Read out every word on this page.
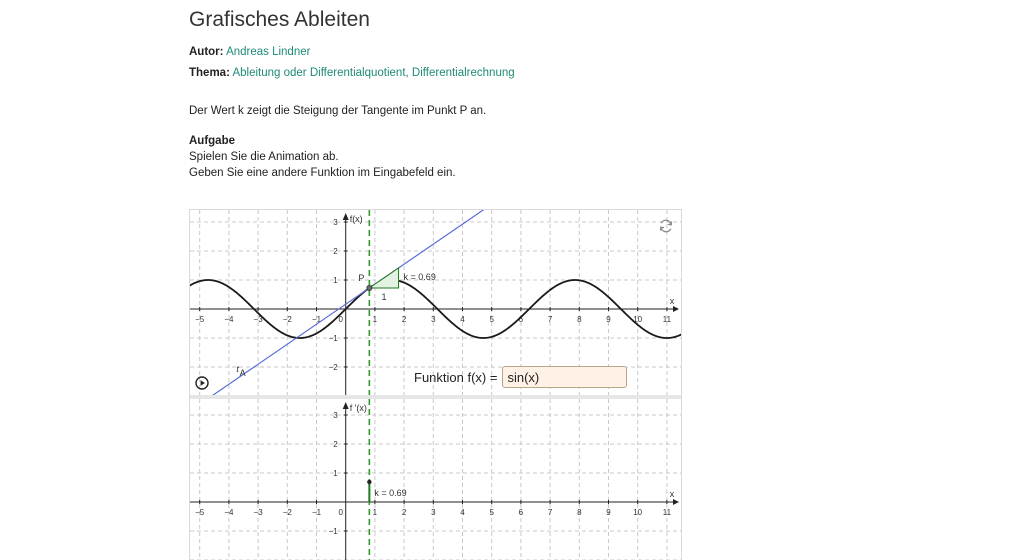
Grafisches Ableiten
Autor: Andreas Lindner
Thema: Ableitung oder Differentialquotient, Differentialrechnung
Der Wert k zeigt die Steigung der Tangente im Punkt P an.
Aufgabe
Spielen Sie die Animation ab.
Geben Sie eine andere Funktion im Eingabefeld ein.
−5	−4	−3	−2	−1 0	1	2	3	4	5	6	7	8	9	10	11
3
2
1
−1
−2
x
f(x)
P	k = 0.69
1
t A
−5	−4	−3	−2	−1 0	1	2	3	4	5	6	7	8	9	10	11
3
2
1
−1
x
f '(x)
k = 0.69
Funktion f(x) =
sin(x)
